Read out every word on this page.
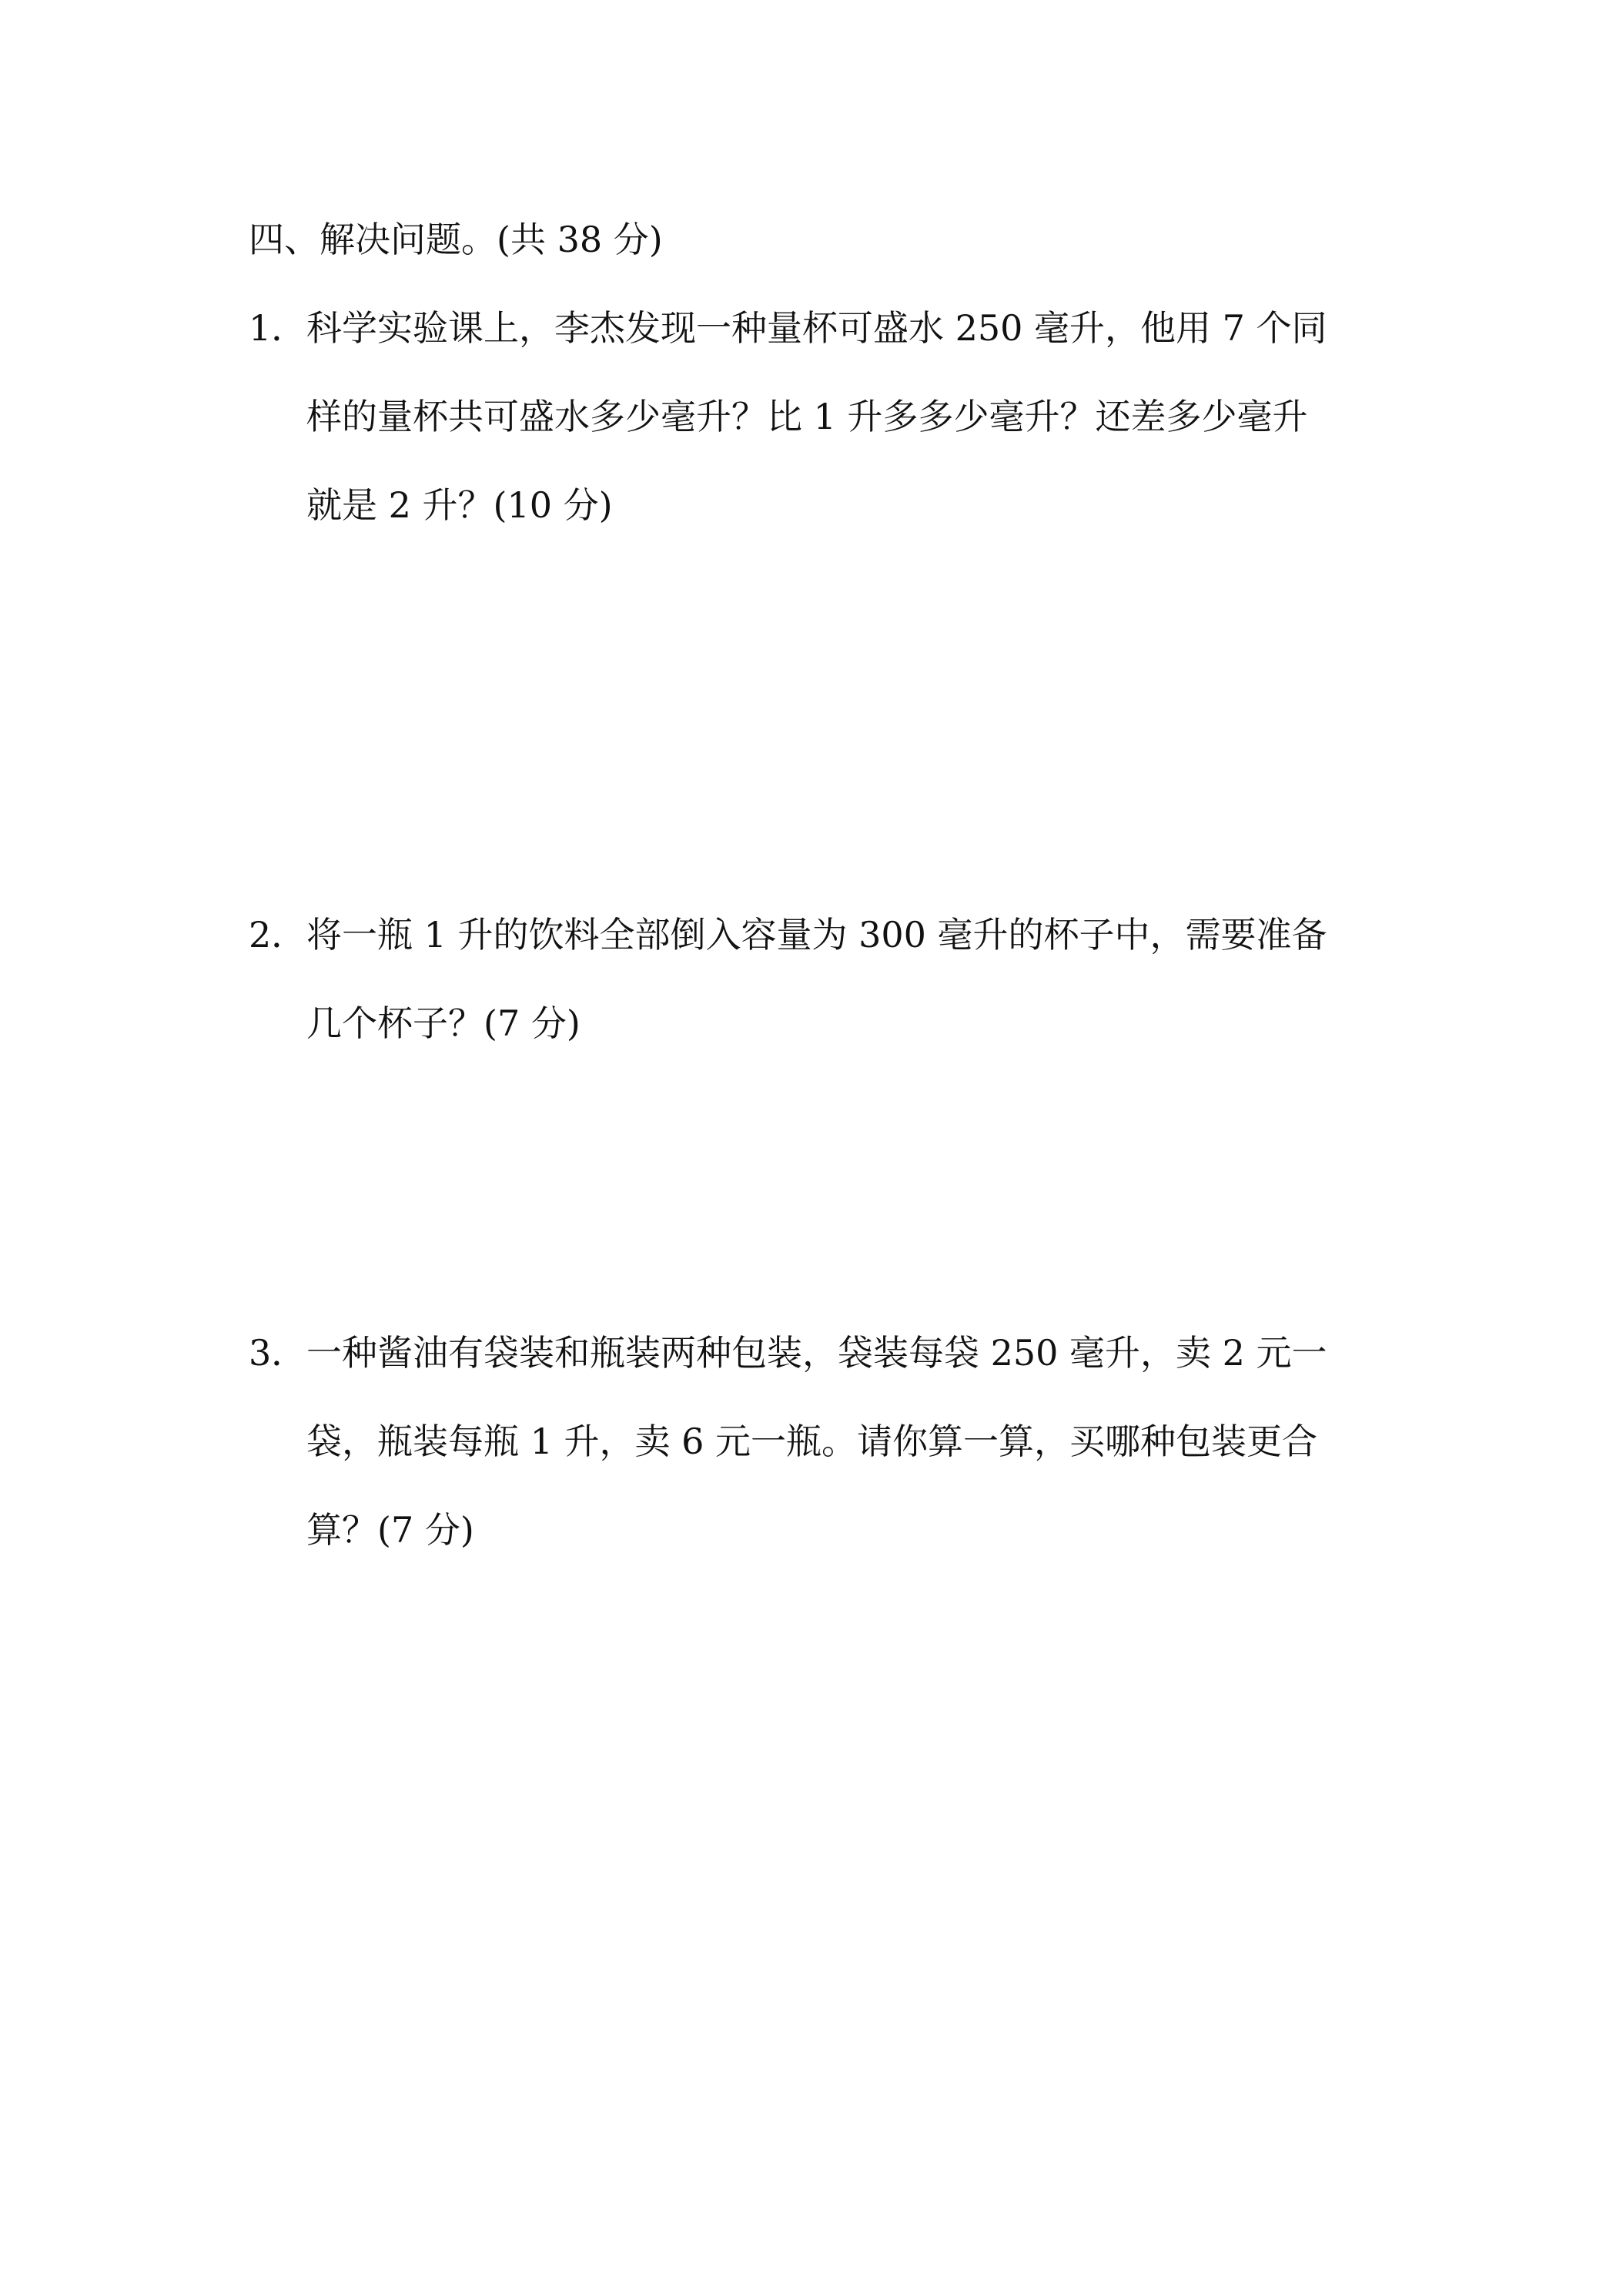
四、解决问题。(共 38 分)
1． 科学实验课上，李杰发现一种量杯可盛水 250 毫升，他用 7 个同
样的量杯共可盛水多少毫升？比 1 升多多少毫升？还差多少毫升
就是 2 升？(10 分)
2． 将一瓶 1 升的饮料全部倒入容量为 300 毫升的杯子中，需要准备
几个杯子？(7 分)
3． 一种酱油有袋装和瓶装两种包装，袋装每袋 250 毫升，卖 2 元一
袋，瓶装每瓶 1 升，卖 6 元一瓶。请你算一算，买哪种包装更合
算？(7 分)
